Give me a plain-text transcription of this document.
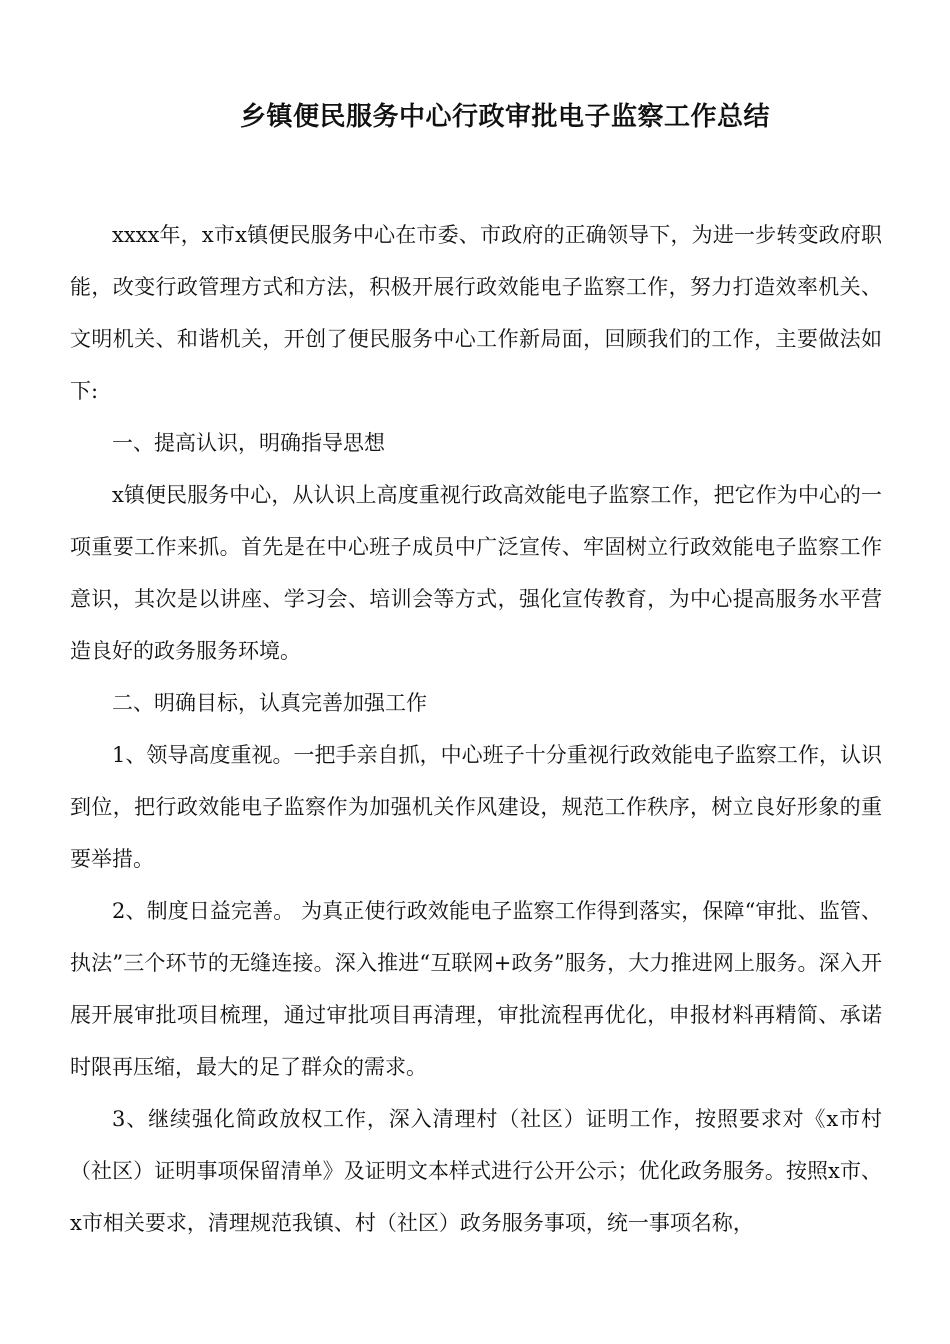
乡镇便民服务中心行政审批电子监察工作总结

xxxx年，x市x镇便民服务中心在市委、市政府的正确领导下，为进一步转变政府职能，改变行政管理方式和方法，积极开展行政效能电子监察工作，努力打造效率机关、文明机关、和谐机关，开创了便民服务中心工作新局面，回顾我们的工作，主要做法如下:

一、提高认识，明确指导思想

x镇便民服务中心，从认识上高度重视行政高效能电子监察工作，把它作为中心的一项重要工作来抓。首先是在中心班子成员中广泛宣传、牢固树立行政效能电子监察工作意识，其次是以讲座、学习会、培训会等方式，强化宣传教育，为中心提高服务水平营造良好的政务服务环境。

二、明确目标，认真完善加强工作

1、领导高度重视。一把手亲自抓，中心班子十分重视行政效能电子监察工作，认识到位，把行政效能电子监察作为加强机关作风建设，规范工作秩序，树立良好形象的重要举措。

2、制度日益完善。 为真正使行政效能电子监察工作得到落实，保障“审批、监管、执法”三个环节的无缝连接。深入推进“互联网+政务”服务，大力推进网上服务。深入开展开展审批项目梳理，通过审批项目再清理，审批流程再优化，申报材料再精简、承诺时限再压缩，最大的足了群众的需求。

3、继续强化简政放权工作，深入清理村（社区）证明工作，按照要求对《x市村（社区）证明事项保留清单》及证明文本样式进行公开公示；优化政务服务。按照x市、x市相关要求，清理规范我镇、村（社区）政务服务事项，统一事项名称，
